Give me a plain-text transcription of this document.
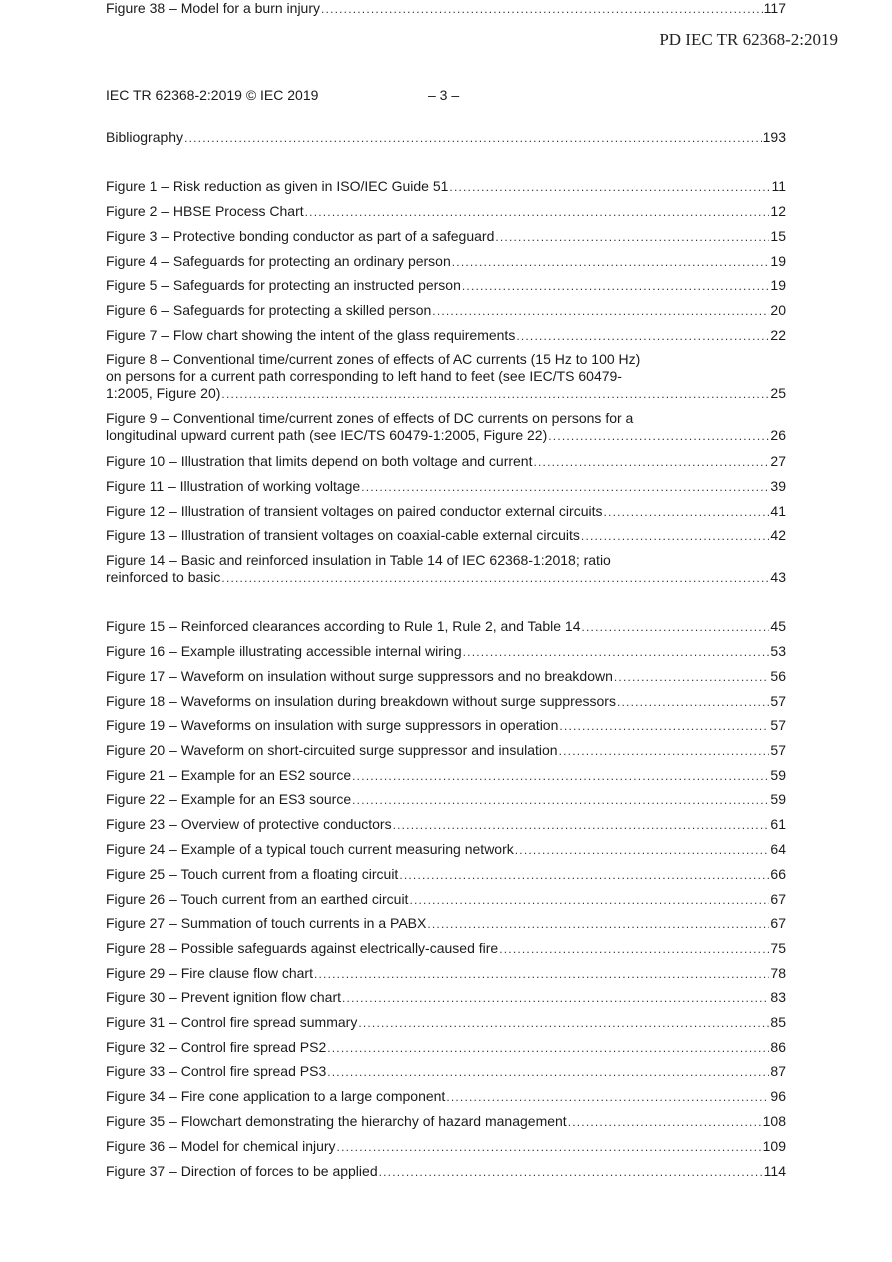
PD IEC TR 62368-2:2019
IEC TR 62368-2:2019 © IEC 2019	– 3 –
Bibliography .....	193
Figure 1 – Risk reduction as given in ISO/IEC Guide 51 .....	11
Figure 2 – HBSE Process Chart .....	12
Figure 3 – Protective bonding conductor as part of a safeguard .....	15
Figure 4 – Safeguards for protecting an ordinary person .....	19
Figure 5 – Safeguards for protecting an instructed person .....	19
Figure 6 – Safeguards for protecting a skilled person .....	20
Figure 7 – Flow chart showing the intent of the glass requirements .....	22
Figure 8 – Conventional time/current zones of effects of AC currents (15 Hz to 100 Hz)
on persons for a current path corresponding to left hand to feet (see IEC/TS 60479-
1:2005, Figure 20) .....	25
Figure 9 – Conventional time/current zones of effects of DC currents on persons for a
longitudinal upward current path (see IEC/TS 60479-1:2005, Figure 22) .....	26
Figure 10 – Illustration that limits depend on both voltage and current .....	27
Figure 11 – Illustration of working voltage .....	39
Figure 12 – Illustration of transient voltages on paired conductor external circuits .....	41
Figure 13 – Illustration of transient voltages on coaxial-cable external circuits .....	42
Figure 14 – Basic and reinforced insulation in Table 14 of IEC 62368-1:2018; ratio
reinforced to basic .....	43
Figure 15 – Reinforced clearances according to Rule 1, Rule 2, and Table 14 .....	45
Figure 16 – Example illustrating accessible internal wiring .....	53
Figure 17 – Waveform on insulation without surge suppressors and no breakdown .....	56
Figure 18 – Waveforms on insulation during breakdown without surge suppressors .....	57
Figure 19 – Waveforms on insulation with surge suppressors in operation .....	57
Figure 20 – Waveform on short-circuited surge suppressor and insulation .....	57
Figure 21 – Example for an ES2 source .....	59
Figure 22 – Example for an ES3 source .....	59
Figure 23 – Overview of protective conductors .....	61
Figure 24 – Example of a typical touch current measuring network .....	64
Figure 25 – Touch current from a floating circuit .....	66
Figure 26 – Touch current from an earthed circuit .....	67
Figure 27 – Summation of touch currents in a PABX .....	67
Figure 28 – Possible safeguards against electrically-caused fire .....	75
Figure 29 – Fire clause flow chart .....	78
Figure 30 – Prevent ignition flow chart .....	83
Figure 31 – Control fire spread summary .....	85
Figure 32 – Control fire spread PS2 .....	86
Figure 33 – Control fire spread PS3 .....	87
Figure 34 – Fire cone application to a large component .....	96
Figure 35 – Flowchart demonstrating the hierarchy of hazard management .....	108
Figure 36 – Model for chemical injury .....	109
Figure 37 – Direction of forces to be applied .....	114
Figure 38 – Model for a burn injury .....	117
